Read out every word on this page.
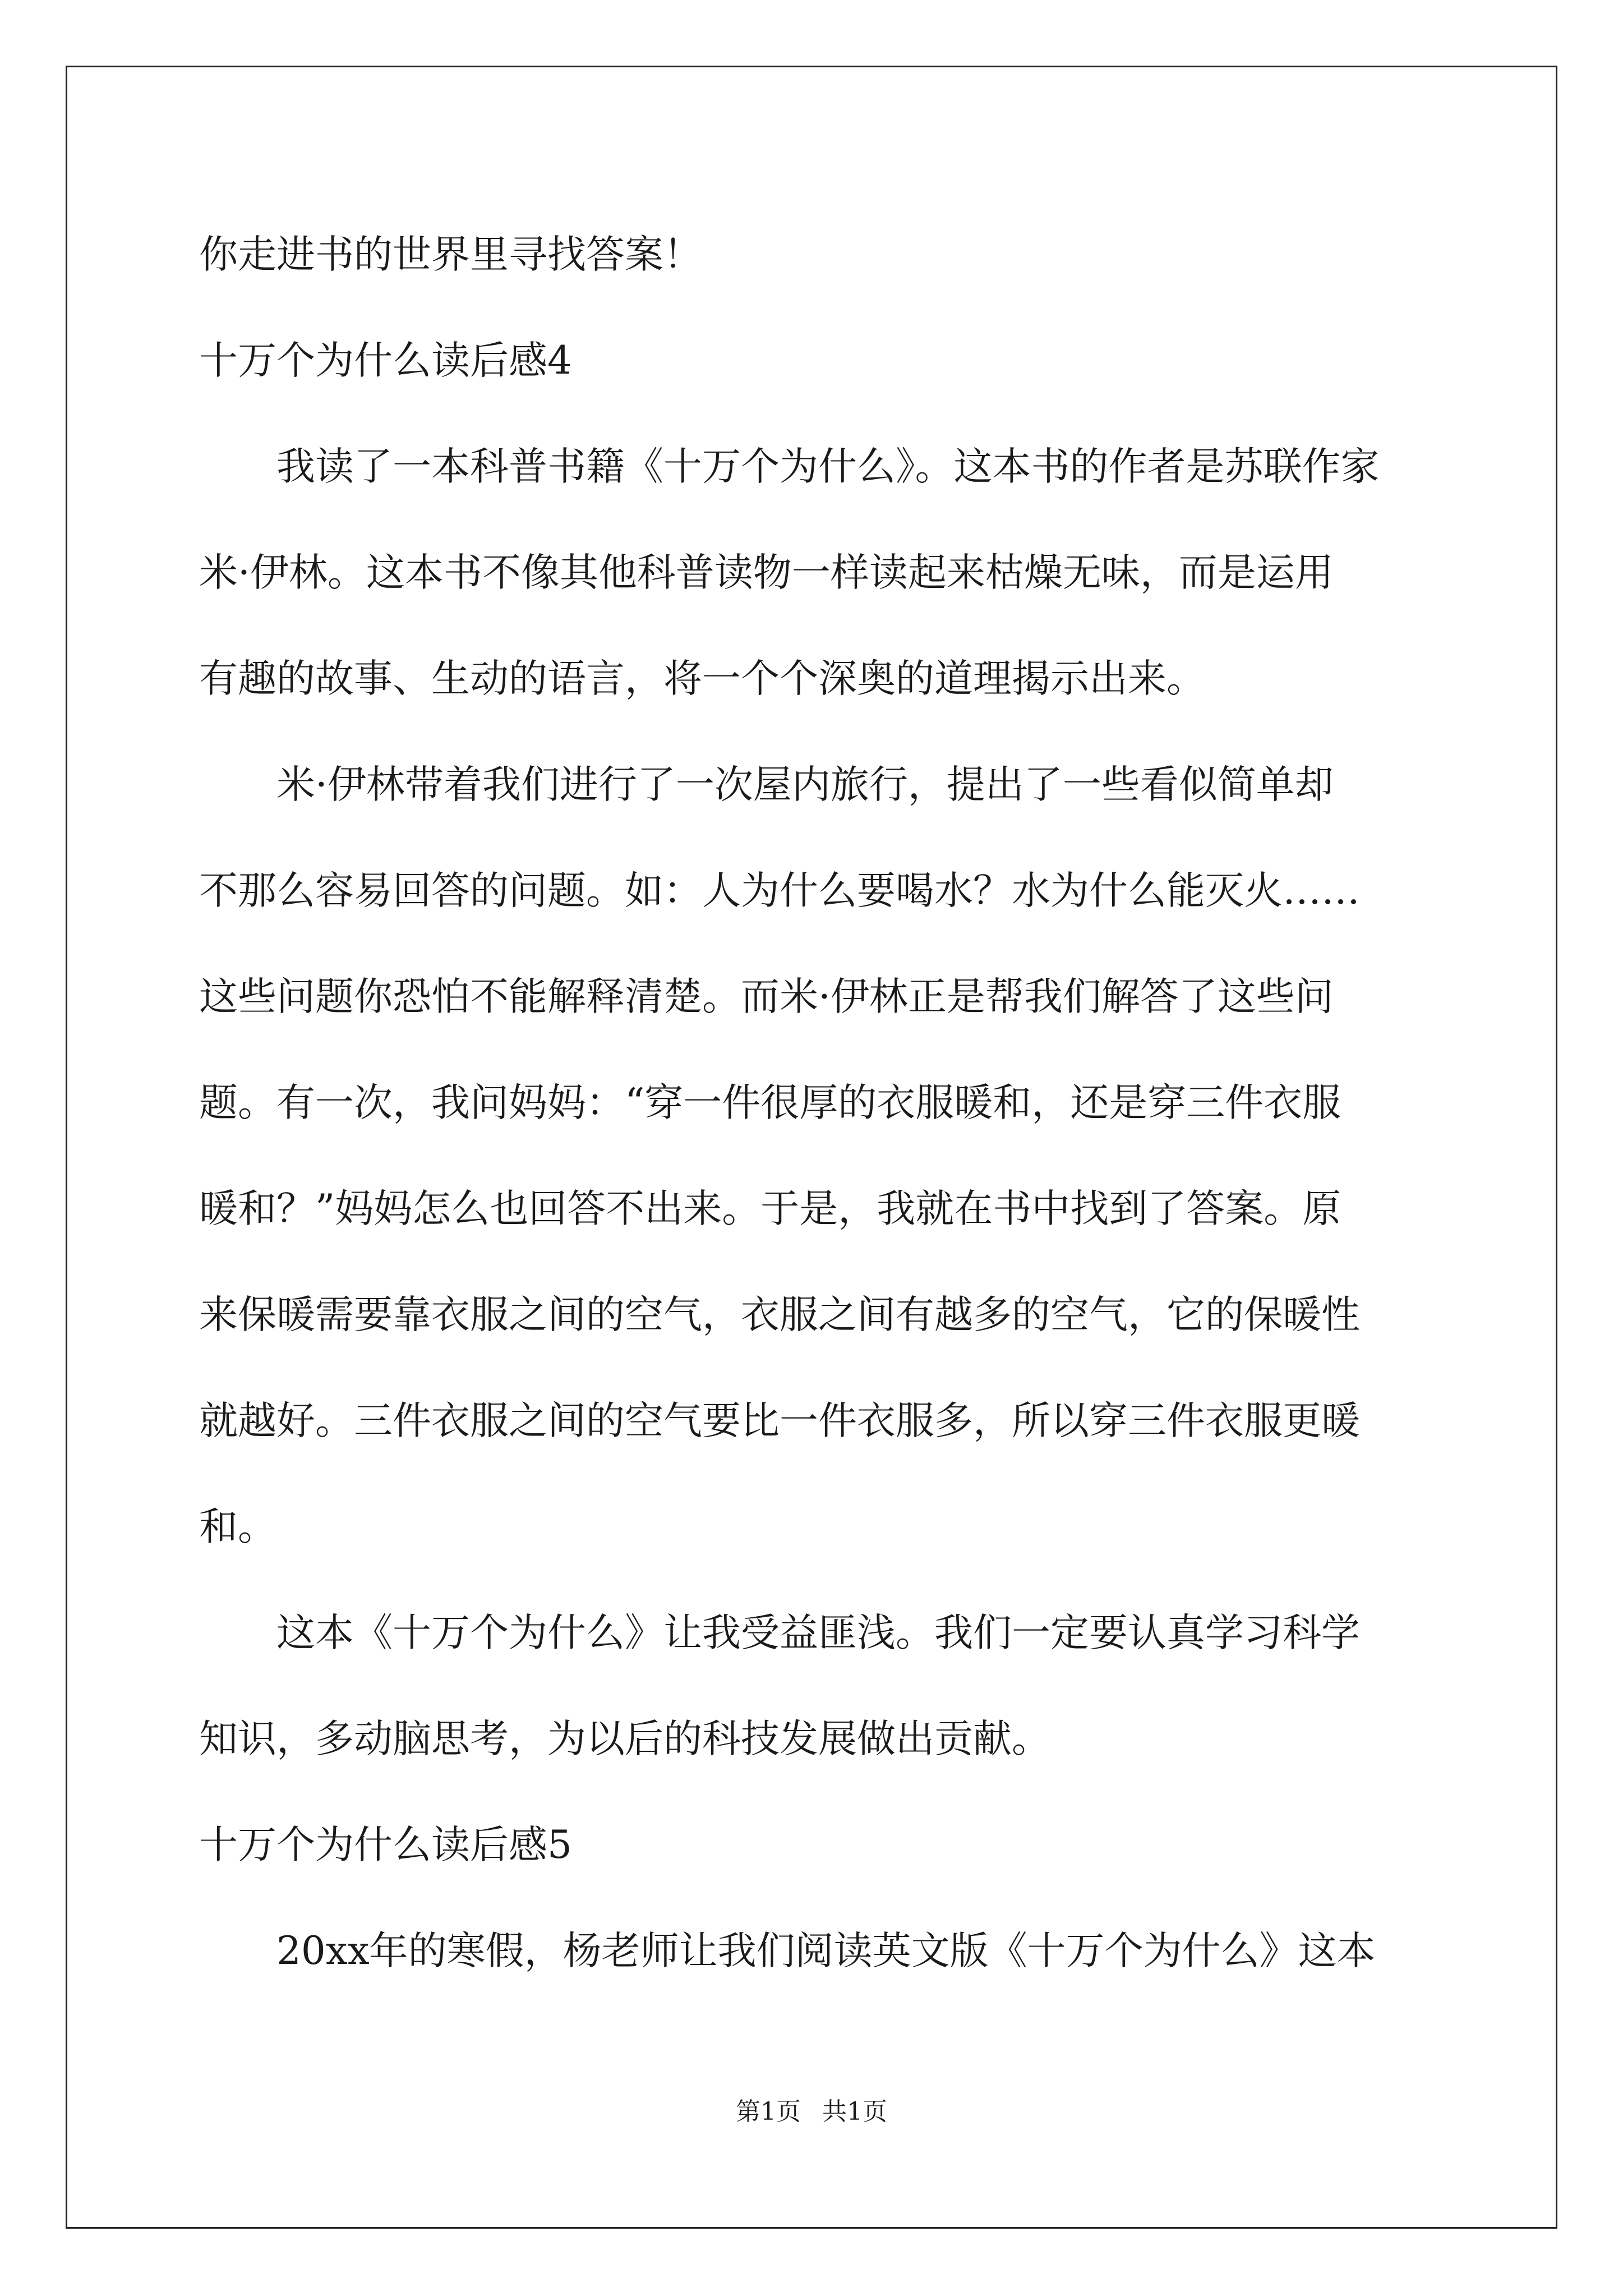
你走进书的世界里寻找答案！
十万个为什么读后感4
我读了一本科普书籍《十万个为什么》。这本书的作者是苏联作家
米·伊林。这本书不像其他科普读物一样读起来枯燥无味，而是运用
有趣的故事、生动的语言，将一个个深奥的道理揭示出来。
米·伊林带着我们进行了一次屋内旅行，提出了一些看似简单却
不那么容易回答的问题。如：人为什么要喝水？水为什么能灭火……
这些问题你恐怕不能解释清楚。而米·伊林正是帮我们解答了这些问
题。有一次，我问妈妈：“穿一件很厚的衣服暖和，还是穿三件衣服
暖和？”妈妈怎么也回答不出来。于是，我就在书中找到了答案。原
来保暖需要靠衣服之间的空气，衣服之间有越多的空气，它的保暖性
就越好。三件衣服之间的空气要比一件衣服多，所以穿三件衣服更暖
和。
这本《十万个为什么》让我受益匪浅。我们一定要认真学习科学
知识，多动脑思考，为以后的科技发展做出贡献。
十万个为什么读后感5
20xx年的寒假，杨老师让我们阅读英文版《十万个为什么》这本
第1页 共1页
